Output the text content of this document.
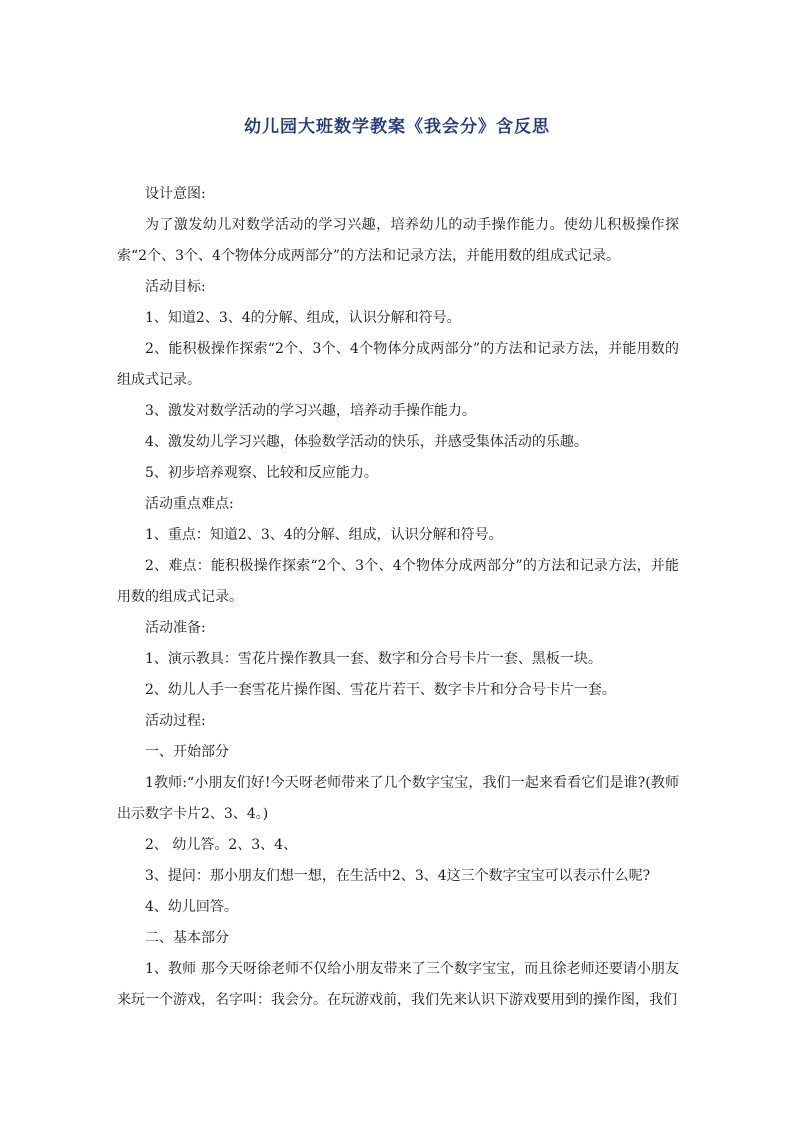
幼儿园大班数学教案《我会分》含反思

设计意图:

为了激发幼儿对数学活动的学习兴趣，培养幼儿的动手操作能力。使幼儿积极操作探索“2个、3个、4个物体分成两部分”的方法和记录方法，并能用数的组成式记录。

活动目标:

1、知道2、3、4的分解、组成，认识分解和符号。

2、能积极操作探索“2个、3个、4个物体分成两部分”的方法和记录方法，并能用数的组成式记录。

3、激发对数学活动的学习兴趣，培养动手操作能力。

4、激发幼儿学习兴趣，体验数学活动的快乐，并感受集体活动的乐趣。

5、初步培养观察、比较和反应能力。

活动重点难点:

1、重点：知道2、3、4的分解、组成，认识分解和符号。

2、难点：能积极操作探索“2个、3个、4个物体分成两部分”的方法和记录方法，并能用数的组成式记录。

活动准备:

1、演示教具：雪花片操作教具一套、数字和分合号卡片一套、黑板一块。

2、幼儿人手一套雪花片操作图、雪花片若干、数字卡片和分合号卡片一套。

活动过程:

一、开始部分

1教师:“小朋友们好!今天呀老师带来了几个数字宝宝，我们一起来看看它们是谁?(教师出示数字卡片2、3、4。)

2、 幼儿答。2、3、4、

3、提问：那小朋友们想一想，在生活中2、3、4这三个数字宝宝可以表示什么呢?

4、幼儿回答。

二、基本部分

1、教师 那今天呀徐老师不仅给小朋友带来了三个数字宝宝，而且徐老师还要请小朋友来玩一个游戏，名字叫：我会分。在玩游戏前，我们先来认识下游戏要用到的操作图，我们
